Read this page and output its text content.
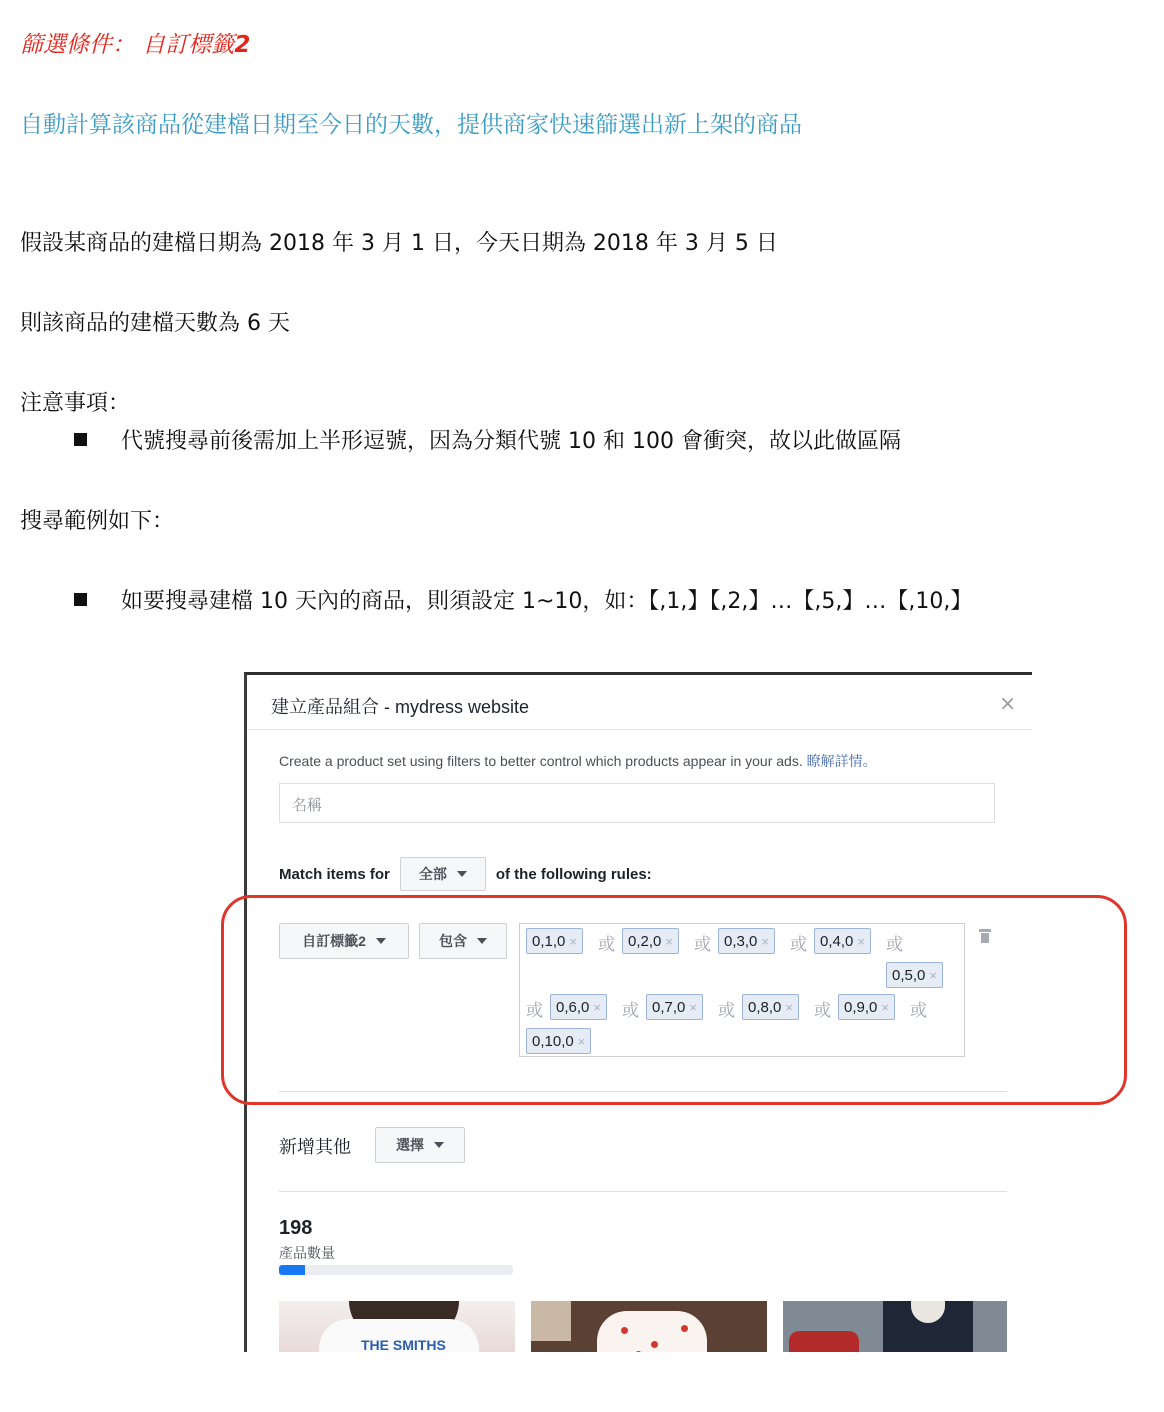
篩選條件： 自訂標籤2
自動計算該商品從建檔日期至今日的天數，提供商家快速篩選出新上架的商品
假設某商品的建檔日期為 2018 年 3 月 1 日，今天日期為 2018 年 3 月 5 日
則該商品的建檔天數為 6 天
注意事項：
代號搜尋前後需加上半形逗號，因為分類代號 10 和 100 會衝突，故以此做區隔
搜尋範例如下：
如要搜尋建檔 10 天內的商品，則須設定 1~10，如：【,1,】【,2,】…【,5,】…【,10,】
建立產品組合 - mydress website	×
Create a product set using filters to better control which products appear in your ads. 瞭解詳情。
名稱
Match items for 全部	of the following rules:
自訂標籤2	包含	0,1,0 × 或 0,2,0 × 或 0,3,0 × 或 0,4,0 × 或
0,5,0 ×
或 0,6,0 × 或 0,7,0 × 或 0,8,0 × 或 0,9,0 × 或
0,10,0 ×
新增其他	選擇
198
產品數量
THE SMITHS
